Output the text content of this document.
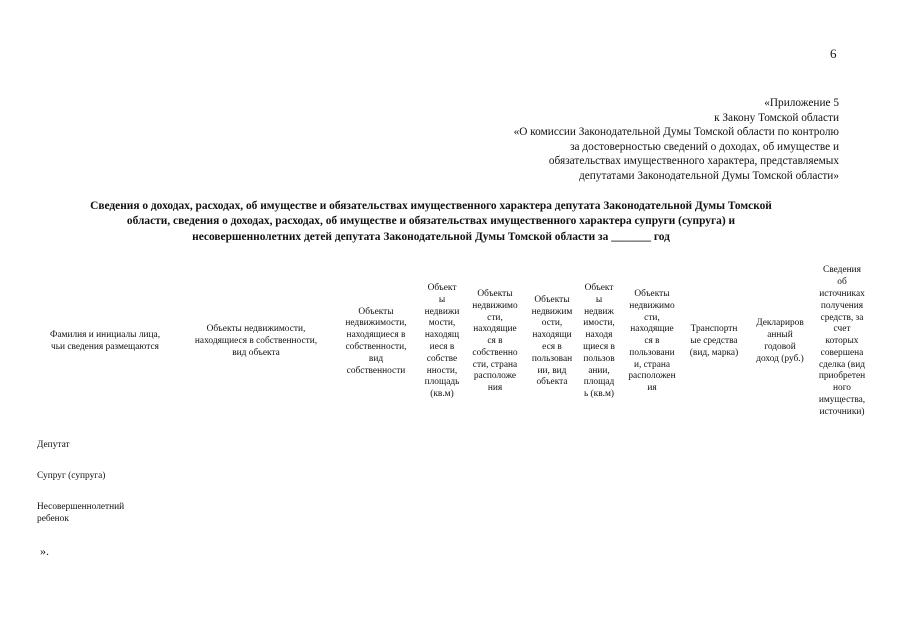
6
«Приложение 5
к Закону Томской области
«О комиссии Законодательной Думы Томской области по контролю
за достоверностью сведений о доходах, об имуществе и
обязательствах имущественного характера, представляемых
депутатами Законодательной Думы Томской области»
Сведения о доходах, расходах, об имуществе и обязательствах имущественного характера депутата Законодательной Думы Томской
области, сведения о доходах, расходах, об имуществе и обязательствах имущественного характера супруги (супруга) и
несовершеннолетних детей депутата Законодательной Думы Томской области за _______ год
Фамилия и инициалы лица,
чьи сведения размещаются
Объекты недвижимости,
находящиеся в собственности,
вид объекта
Объекты
недвижимости,
находящиеся в
собственности,
вид
собственности
Объект
ы
недвижи
мости,
находящ
иеся в
собстве
нности,
площадь
(кв.м)
Объекты
недвижимо
сти,
находящие
ся в
собственно
сти, страна
расположе
ния
Объекты
недвижим
ости,
находящи
еся в
пользован
ии, вид
объекта
Объект
ы
недвиж
имости,
находя
щиеся в
пользов
ании,
площад
ь (кв.м)
Объекты
недвижимо
сти,
находящие
ся в
пользовани
и, страна
расположен
ия
Транспортн
ые средства
(вид, марка)
Деклариров
анный
годовой
доход (руб.)
Сведения
об
источниках
получения
средств, за
счет
которых
совершена
сделка (вид
приобретен
ного
имущества,
источники)
Депутат
Супруг (супруга)
Несовершеннолетний
ребенок
».
